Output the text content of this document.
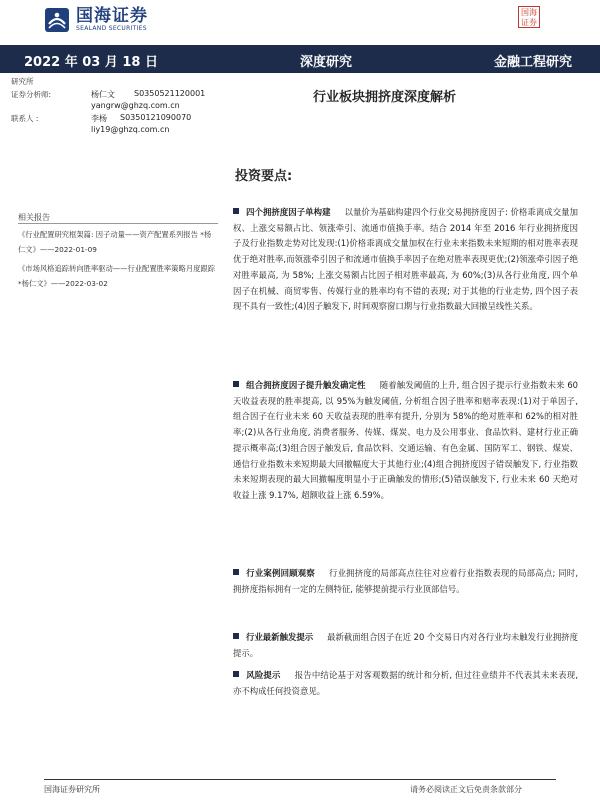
国海证券
SEALAND SECURITIES
国海证券
2022 年 03 月 18 日	深度研究	金融工程研究
研究所
证券分析师:	杨仁文 S0350521120001
yangrw@ghzq.com.cn
联系人 :	李杨 S0350121090070
liy19@ghzq.com.cn
行业板块拥挤度深度解析
相关报告
《行业配置研究框架篇: 因子动量——资产配置系列报告 *杨仁文》——2022-01-09
《市场风格追踪转向胜率驱动——行业配置胜率策略月度跟踪 *杨仁文》——2022-03-02
投资要点:
四个拥挤度因子单构建 以量价为基础构建四个行业交易拥挤度因子: 价格乖离成交量加权、上涨交易额占比、领涨牵引、流通市值换手率。结合 2014 年至 2016 年行业拥挤度因子及行业指数走势对比发现:(1)价格乖离成交量加权在行业未来指数未来短期的相对胜率表现优于绝对胜率,而领涨牵引因子和流通市值换手率因子在绝对胜率表现更优;(2)领涨牵引因子绝对胜率最高, 为 58%; 上涨交易额占比因子相对胜率最高, 为 60%;(3)从各行业角度, 四个单因子在机械、商贸零售、传媒行业的胜率均有不错的表现; 对于其他的行业走势, 四个因子表现不具有一致性;(4)因子触发下, 时间观察窗口期与行业指数最大回撤呈线性关系。
组合拥挤度因子提升触发确定性 随着触发阈值的上升, 组合因子提示行业指数未来 60 天收益表现的胜率提高, 以 95%为触发阈值, 分析组合因子胜率和赔率表现:(1)对于单因子, 组合因子在行业未来 60 天收益表现的胜率有提升, 分别为 58%的绝对胜率和 62%的相对胜率;(2)从各行业角度, 消费者服务、传媒、煤炭、电力及公用事业、食品饮料、建材行业正确提示概率高;(3)组合因子触发后, 食品饮料、交通运输、有色金属、国防军工、钢铁、煤炭、通信行业指数未来短期最大回撤幅度大于其他行业;(4)组合拥挤度因子错误触发下, 行业指数未来短期表现的最大回撤幅度明显小于正确触发的情形;(5)错误触发下, 行业未来 60 天绝对收益上涨 9.17%, 超额收益上涨 6.59%。
行业案例回顾观察 行业拥挤度的局部高点往往对应着行业指数表现的局部高点; 同时, 拥挤度指标拥有一定的左侧特征, 能够提前提示行业顶部信号。
行业最新触发提示 最新截面组合因子在近 20 个交易日内对各行业均未触发行业拥挤度提示。
风险提示 报告中结论基于对客观数据的统计和分析, 但过往业绩并不代表其未来表现, 亦不构成任何投资意见。
国海证券研究所	请务必阅读正文后免责条款部分
